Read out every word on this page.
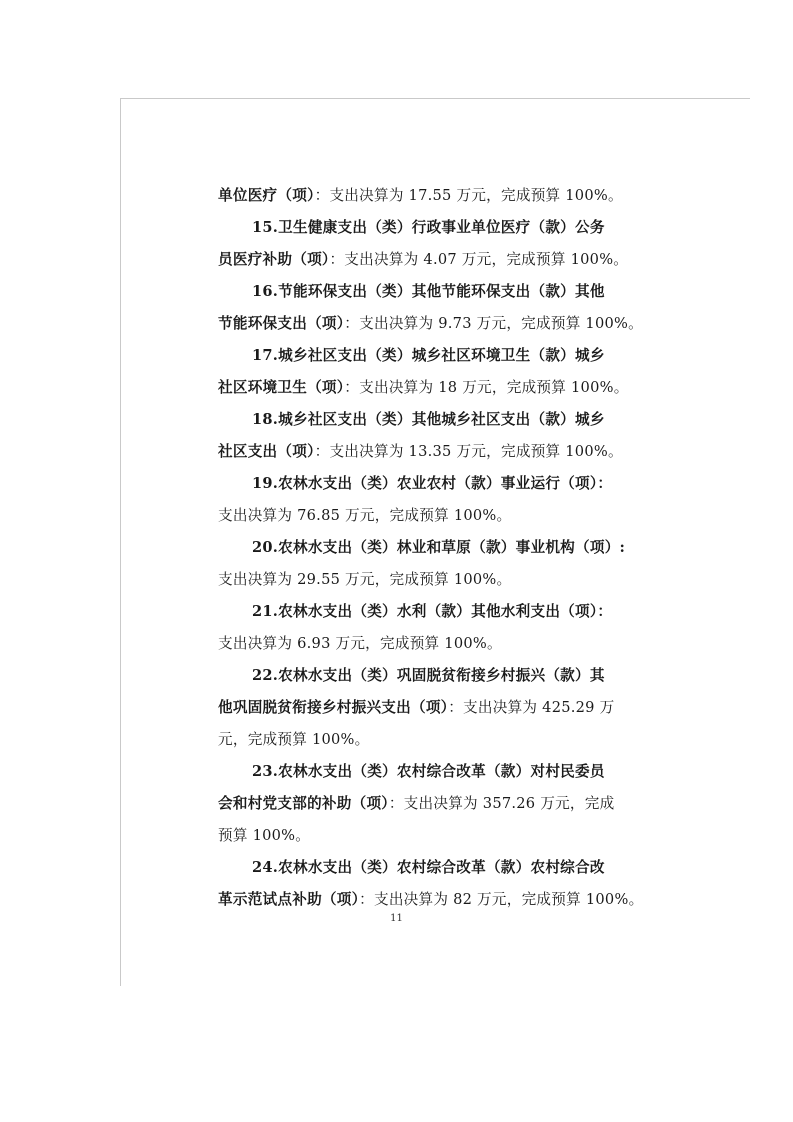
单位医疗（项）：支出决算为 17.55 万元，完成预算 100%。
15.卫生健康支出（类）行政事业单位医疗（款）公务
员医疗补助（项）：支出决算为 4.07 万元，完成预算 100%。
16.节能环保支出（类）其他节能环保支出（款）其他
节能环保支出（项）：支出决算为 9.73 万元，完成预算 100%。
17.城乡社区支出（类）城乡社区环境卫生（款）城乡
社区环境卫生（项）：支出决算为 18 万元，完成预算 100%。
18.城乡社区支出（类）其他城乡社区支出（款）城乡
社区支出（项）：支出决算为 13.35 万元，完成预算 100%。
19.农林水支出（类）农业农村（款）事业运行（项）：
支出决算为 76.85 万元，完成预算 100%。
20.农林水支出（类）林业和草原（款）事业机构（项）:
支出决算为 29.55 万元，完成预算 100%。
21.农林水支出（类）水利（款）其他水利支出（项）：
支出决算为 6.93 万元，完成预算 100%。
22.农林水支出（类）巩固脱贫衔接乡村振兴（款）其
他巩固脱贫衔接乡村振兴支出（项）：支出决算为 425.29 万
元，完成预算 100%。
23.农林水支出（类）农村综合改革（款）对村民委员
会和村党支部的补助（项）：支出决算为 357.26 万元，完成
预算 100%。
24.农林水支出（类）农村综合改革（款）农村综合改
革示范试点补助（项）：支出决算为 82 万元，完成预算 100%。
11
